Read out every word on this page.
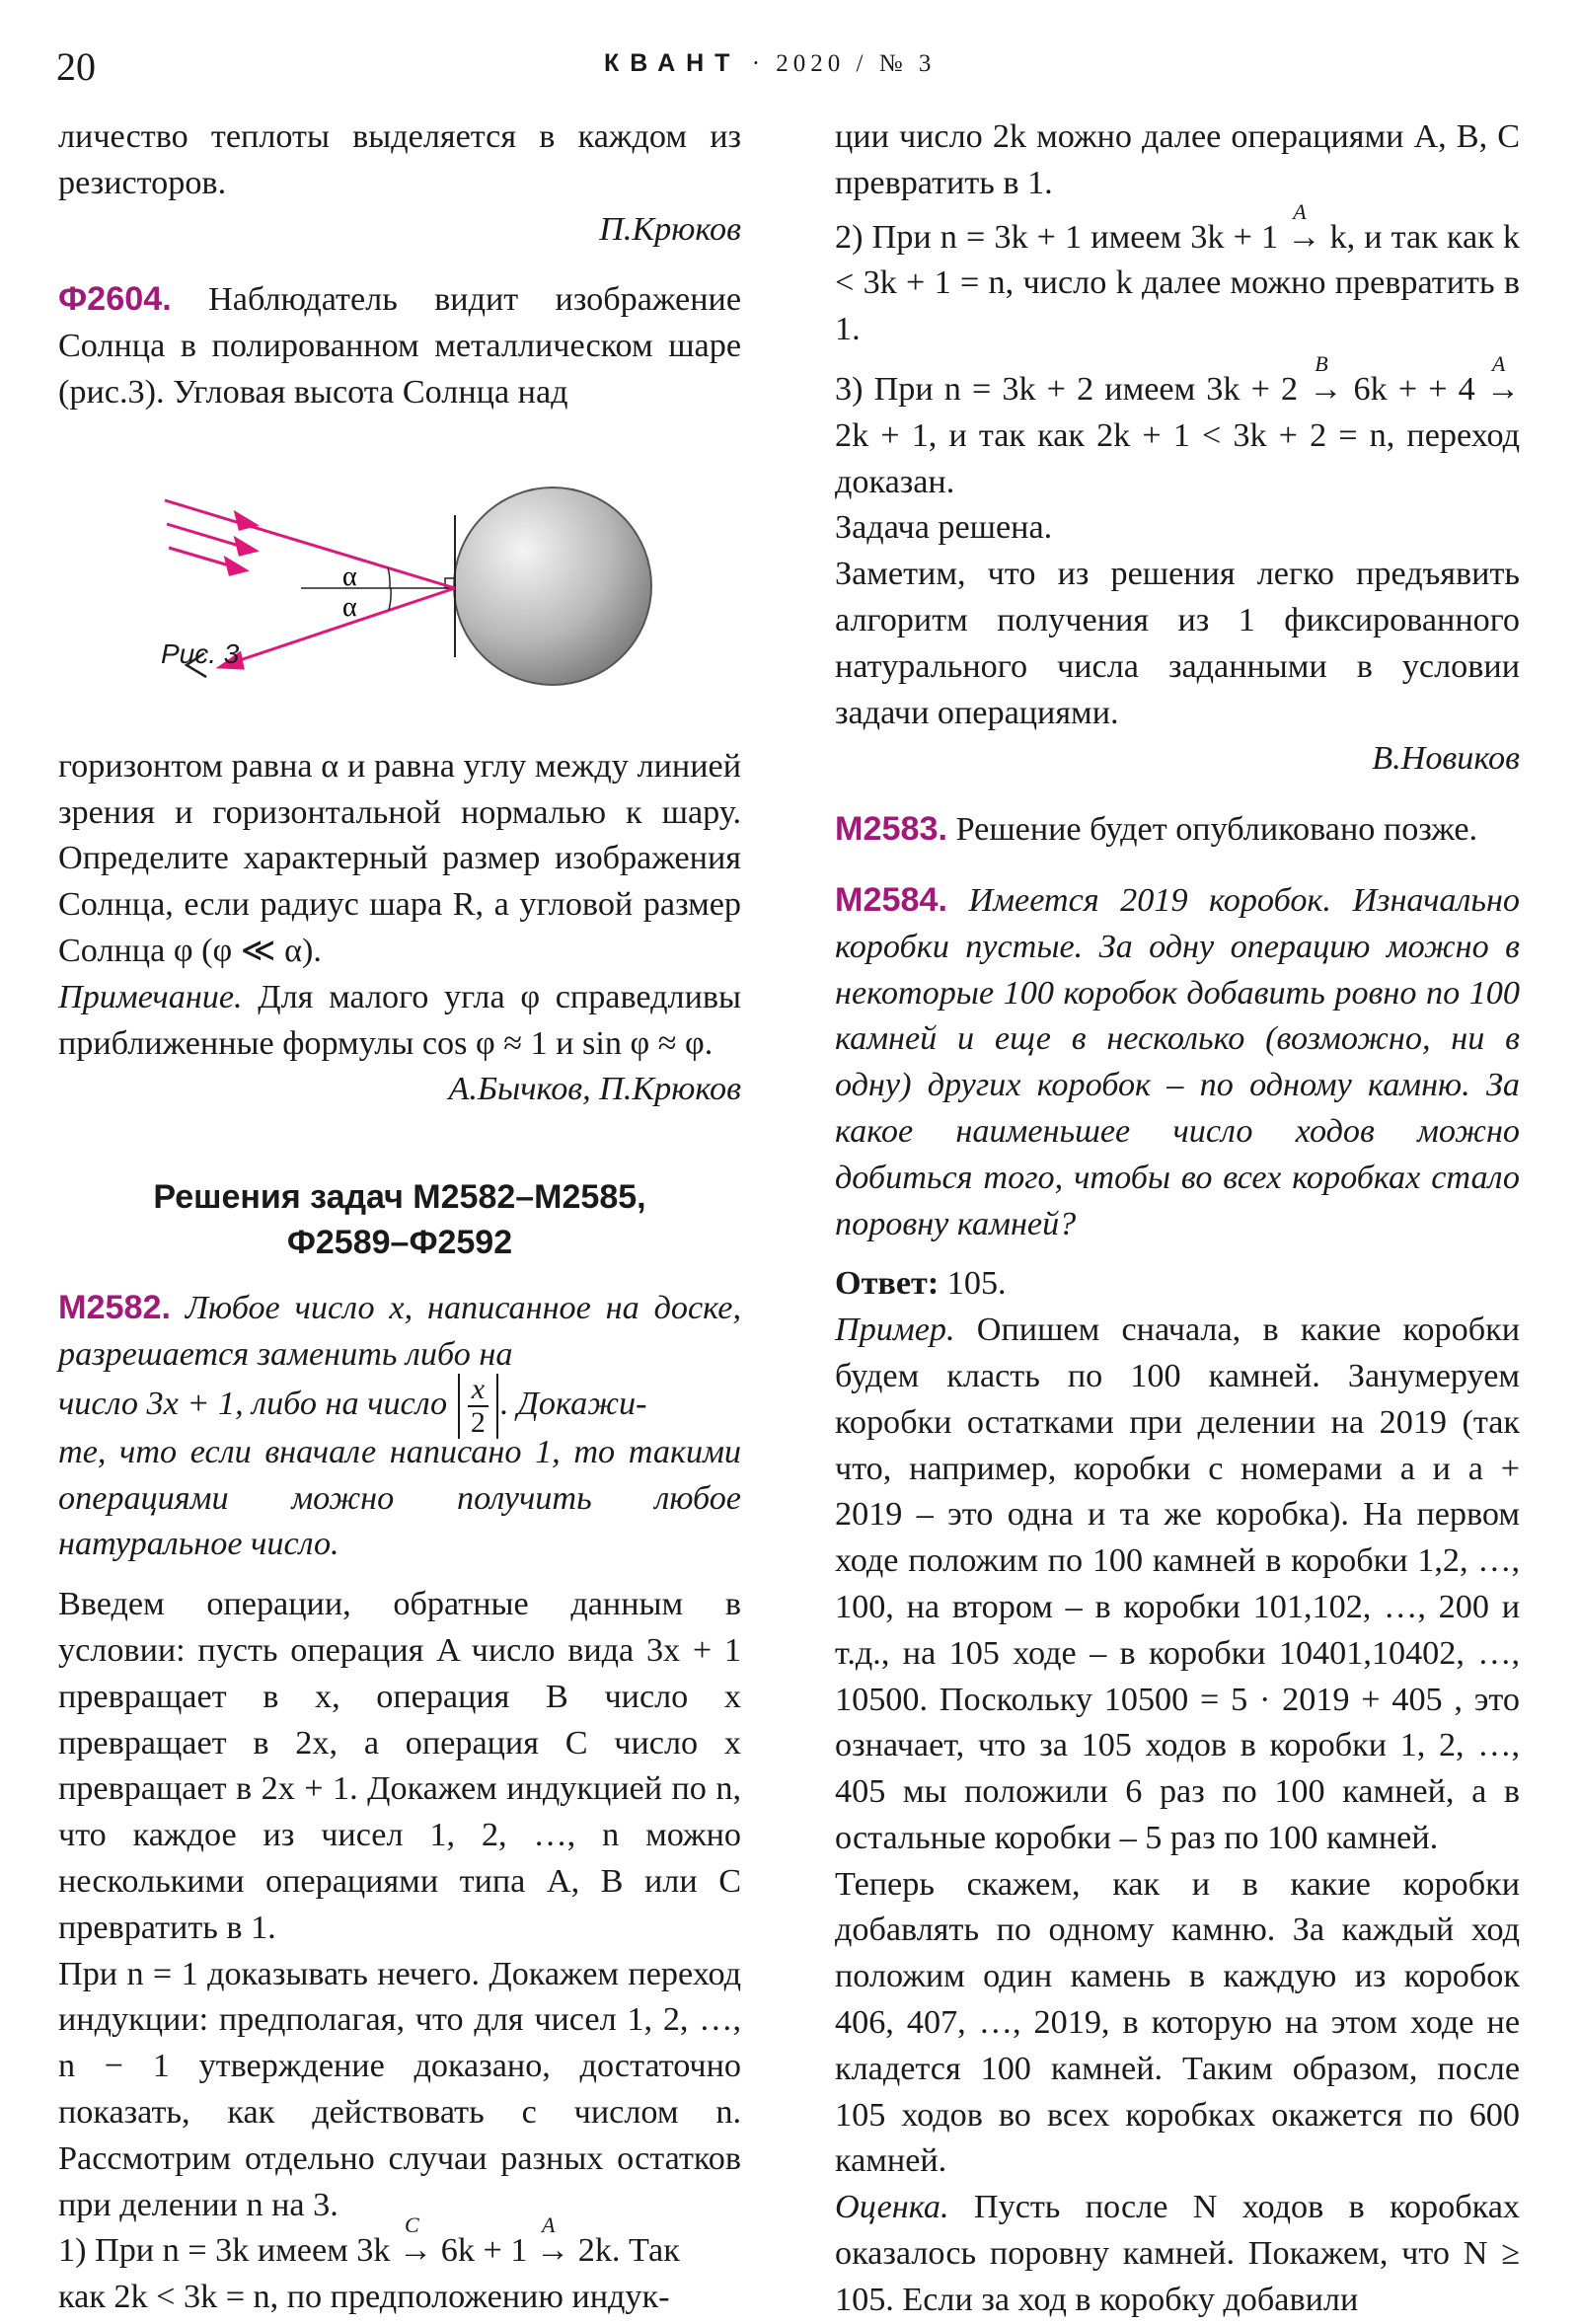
20	КВАНТ · 2020 / № 3

личество теплоты выделяется в каждом из резисторов.

П.Крюков

Ф2604. Наблюдатель видит изображение Солнца в полированном металлическом шаре (рис.3). Угловая высота Солнца над

α
α
Рис. 3

горизонтом равна α и равна углу между линией зрения и горизонтальной нормалью к шару. Определите характерный размер изображения Солнца, если радиус шара R, а угловой размер Солнца φ (φ ≪ α).

Примечание. Для малого угла φ справедливы приближенные формулы cos φ ≈ 1 и sin φ ≈ φ.

А.Бычков, П.Крюков

Решения задач М2582–М2585,
Ф2589–Ф2592

М2582. Любое число x, написанное на доске, разрешается заменить либо на

число 3x + 1, либо на число $\frac{x}{2}$ . Докажи-

те, что если вначале написано 1, то такими операциями можно получить любое натуральное число.

Введем операции, обратные данным в условии: пусть операция A число вида 3x + 1 превращает в x, операция B число x превращает в 2x, а операция C число x превращает в 2x + 1. Докажем индукцией по n, что каждое из чисел 1, 2, …, n можно несколькими операциями типа A, B или C превратить в 1.

При n = 1 доказывать нечего. Докажем переход индукции: предполагая, что для чисел 1, 2, …, n − 1 утверждение доказано, достаточно показать, как действовать с числом n. Рассмотрим отдельно случаи разных остатков при делении n на 3.

1) При n = 3k имеем 3k
C
→ 6k + 1
A
→ 2k. Так

как 2k < 3k = n, по предположению индук-

ции число 2k можно далее операциями A, B, C превратить в 1.

2) При n = 3k + 1 имеем 3k + 1
A
→ k, и так как k < 3k + 1 = n, число k далее можно превратить в 1.

3) При n = 3k + 2 имеем 3k + 2
B
→ 6k + + 4
A
→ 2k + 1, и так как 2k + 1 < 3k + 2 = n, переход доказан.

Задача решена.

Заметим, что из решения легко предъявить алгоритм получения из 1 фиксированного натурального числа заданными в условии задачи операциями.

В.Новиков

М2583. Решение будет опубликовано позже.

М2584. Имеется 2019 коробок. Изначально коробки пустые. За одну операцию можно в некоторые 100 коробок добавить ровно по 100 камней и еще в несколько (возможно, ни в одну) других коробок – по одному камню. За какое наименьшее число ходов можно добиться того, чтобы во всех коробках стало поровну камней?

Ответ: 105.

Пример. Опишем сначала, в какие коробки будем класть по 100 камней. Занумеруем коробки остатками при делении на 2019 (так что, например, коробки с номерами a и a + 2019 – это одна и та же коробка). На первом ходе положим по 100 камней в коробки 1,2, …, 100, на втором – в коробки 101,102, …, 200 и т.д., на 105 ходе – в коробки 10401,10402, …, 10500. Поскольку 10500 = 5 · 2019 + 405 , это означает, что за 105 ходов в коробки 1, 2, …, 405 мы положили 6 раз по 100 камней, а в остальные коробки – 5 раз по 100 камней.

Теперь скажем, как и в какие коробки добавлять по одному камню. За каждый ход положим один камень в каждую из коробок 406, 407, …, 2019, в которую на этом ходе не кладется 100 камней. Таким образом, после 105 ходов во всех коробках окажется по 600 камней.

Оценка. Пусть после N ходов в коробках оказалось поровну камней. Покажем, что N ≥ 105. Если за ход в коробку добавили
